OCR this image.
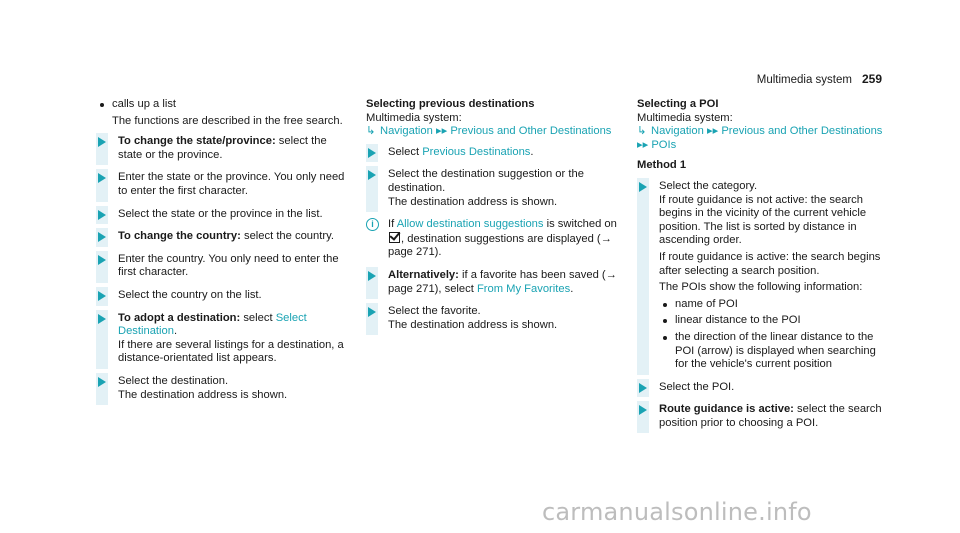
Multimedia system 259
calls up a list
The functions are described in the free search.
To change the state/province: select the state or the province.
Enter the state or the province. You only need to enter the first character.
Select the state or the province in the list.
To change the country: select the country.
Enter the country. You only need to enter the first character.
Select the country on the list.
To adopt a destination: select Select Destination.
If there are several listings for a destination, a distance-orientated list appears.
Select the destination.
The destination address is shown.
Selecting previous destinations
Multimedia system:
↳ Navigation ▸▸ Previous and Other Destinations
Select Previous Destinations.
Select the destination suggestion or the destination.
The destination address is shown.
i	If Allow destination suggestions is switched on , destination suggestions are displayed (→ page 271).
Alternatively: if a favorite has been saved (→ page 271), select From My Favorites.
Select the favorite.
The destination address is shown.
Selecting a POI
Multimedia system:
↳ Navigation ▸▸ Previous and Other Destinations ▸▸ POIs
Method 1
Select the category.
If route guidance is not active: the search begins in the vicinity of the current vehicle position. The list is sorted by distance in ascending order.
If route guidance is active: the search begins after selecting a search position.
The POIs show the following information:
name of POI
linear distance to the POI
the direction of the linear distance to the POI (arrow) is displayed when searching for the vehicle's current position
Select the POI.
Route guidance is active: select the search position prior to choosing a POI.
carmanualsonline.info
